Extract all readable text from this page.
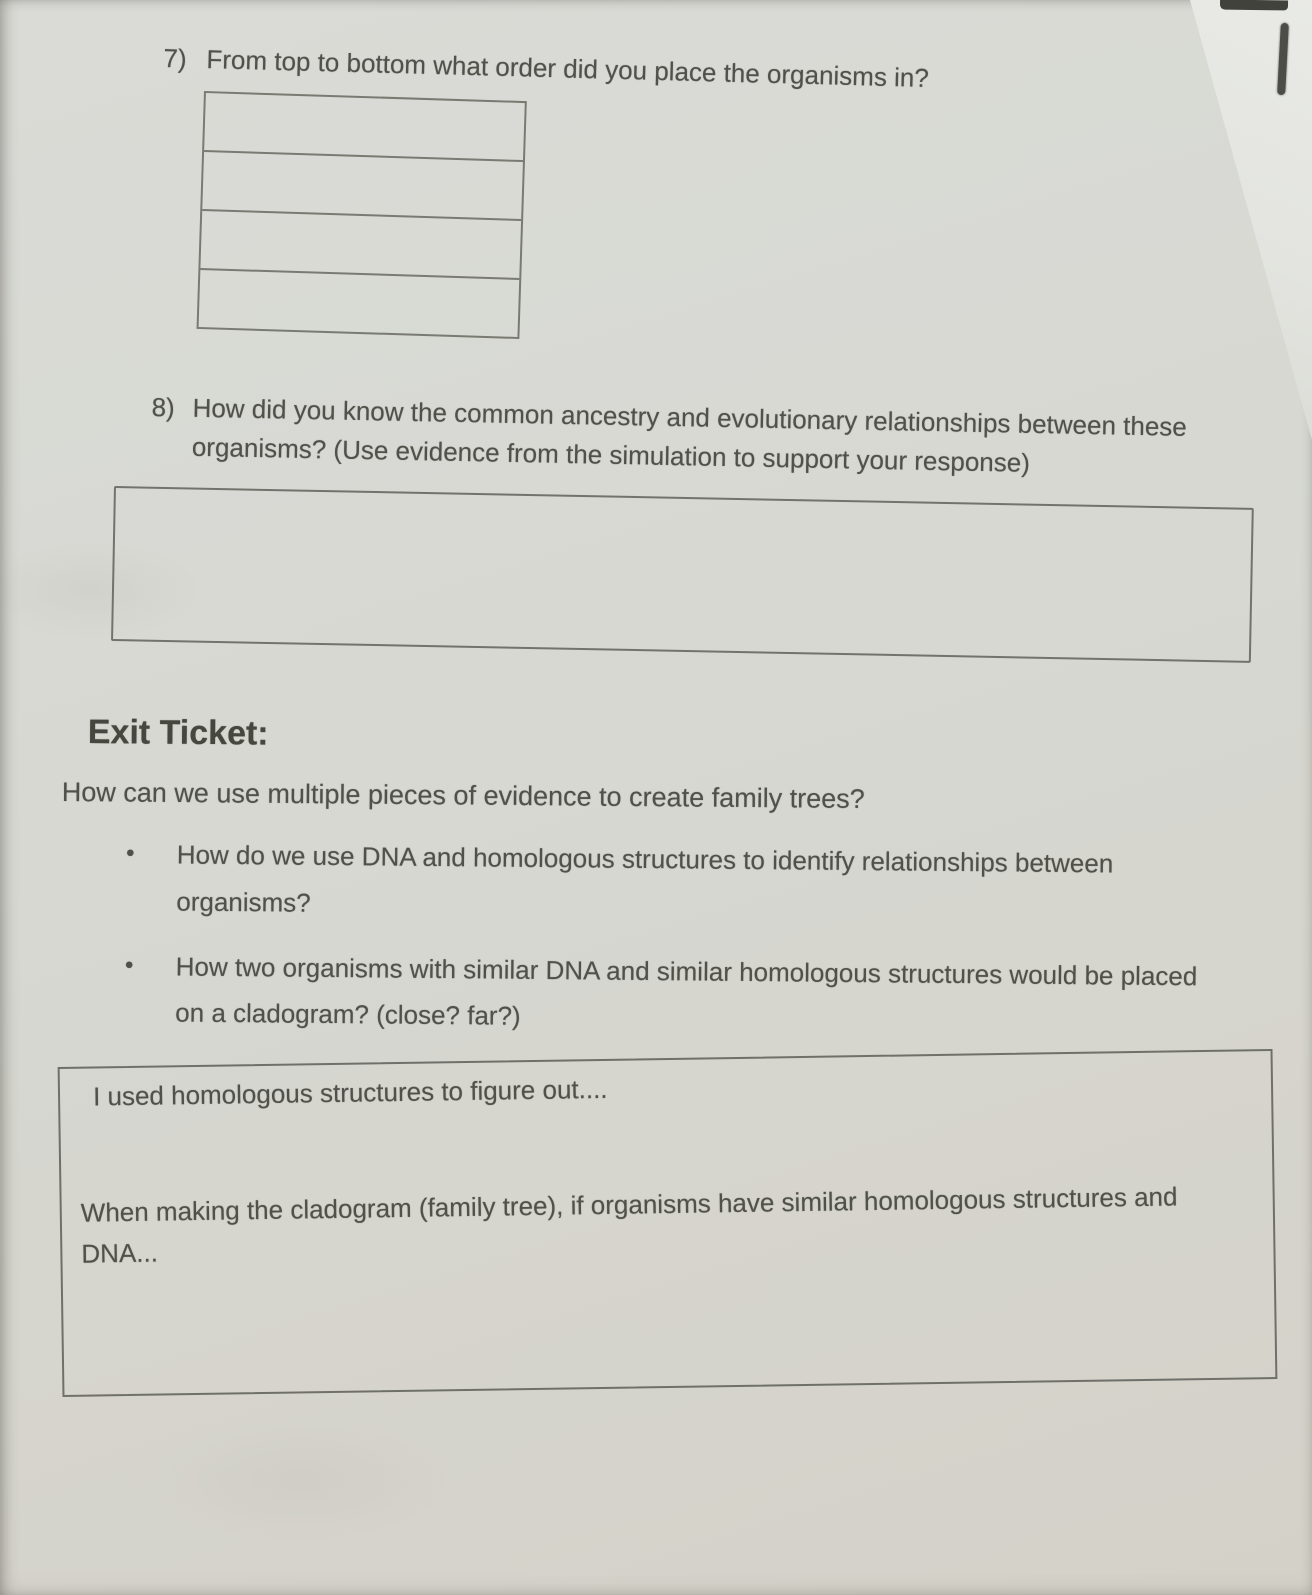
7) From top to bottom what order did you place the organisms in?
8) How did you know the common ancestry and evolutionary relationships between these
organisms? (Use evidence from the simulation to support your response)
Exit Ticket:
How can we use multiple pieces of evidence to create family trees?
●	How do we use DNA and homologous structures to identify relationships between
organisms?
●	How two organisms with similar DNA and similar homologous structures would be placed
on a cladogram? (close? far?)
I used homologous structures to figure out....
When making the cladogram (family tree), if organisms have similar homologous structures and
DNA...
